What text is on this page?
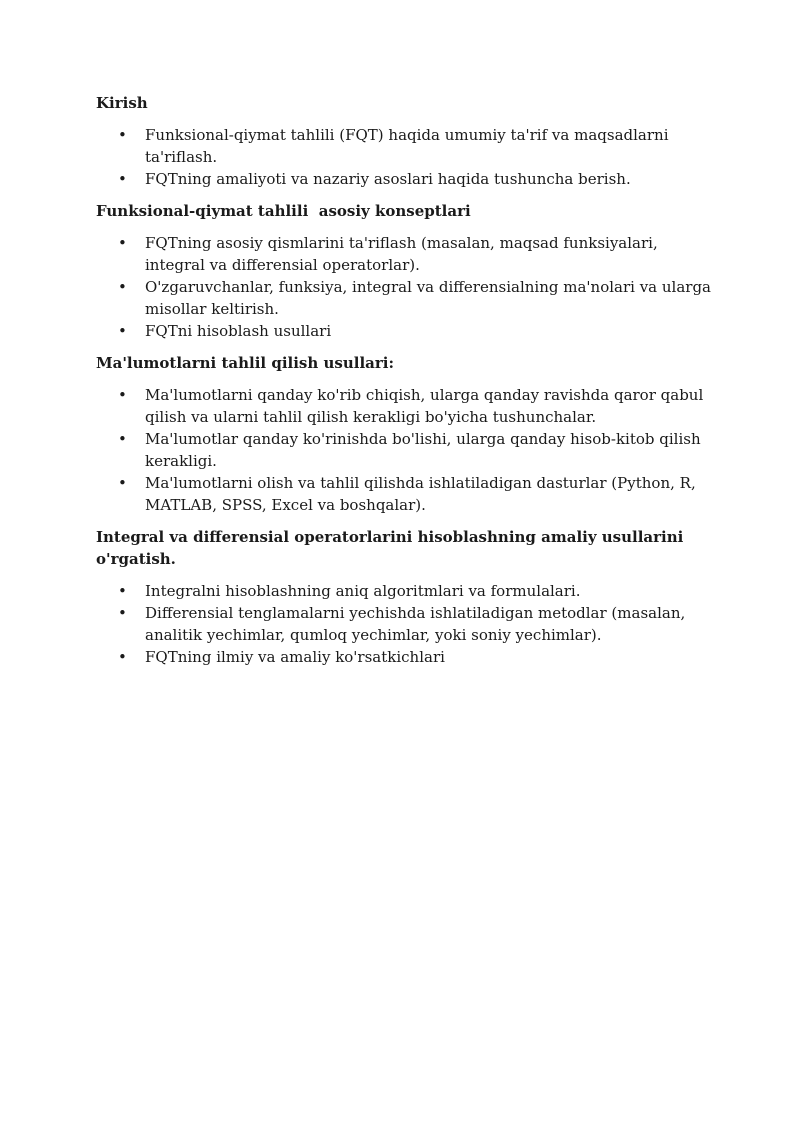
Kirish
• Funksional-qiymat tahlili (FQT) haqida umumiy ta'rif va maqsadlarni ta'riflash.
• FQTning amaliyoti va nazariy asoslari haqida tushuncha berish.
Funksional-qiymat tahlili  asosiy konseptlari
• FQTning asosiy qismlarini ta'riflash (masalan, maqsad funksiyalari, integral va differensial operatorlar).
• O'zgaruvchanlar, funksiya, integral va differensialning ma'nolari va ularga misollar keltirish.
• FQTni hisoblash usullari
Ma'lumotlarni tahlil qilish usullari:
• Ma'lumotlarni qanday ko'rib chiqish, ularga qanday ravishda qaror qabul qilish va ularni tahlil qilish kerakligi bo'yicha tushunchalar.
• Ma'lumotlar qanday ko'rinishda bo'lishi, ularga qanday hisob-kitob qilish kerakligi.
• Ma'lumotlarni olish va tahlil qilishda ishlatiladigan dasturlar (Python, R, MATLAB, SPSS, Excel va boshqalar).
Integral va differensial operatorlarini hisoblashning amaliy usullarini o'rgatish.
• Integralni hisoblashning aniq algoritmlari va formulalari.
• Differensial tenglamalarni yechishda ishlatiladigan metodlar (masalan, analitik yechimlar, qumloq yechimlar, yoki soniy yechimlar).
• FQTning ilmiy va amaliy ko'rsatkichlari
